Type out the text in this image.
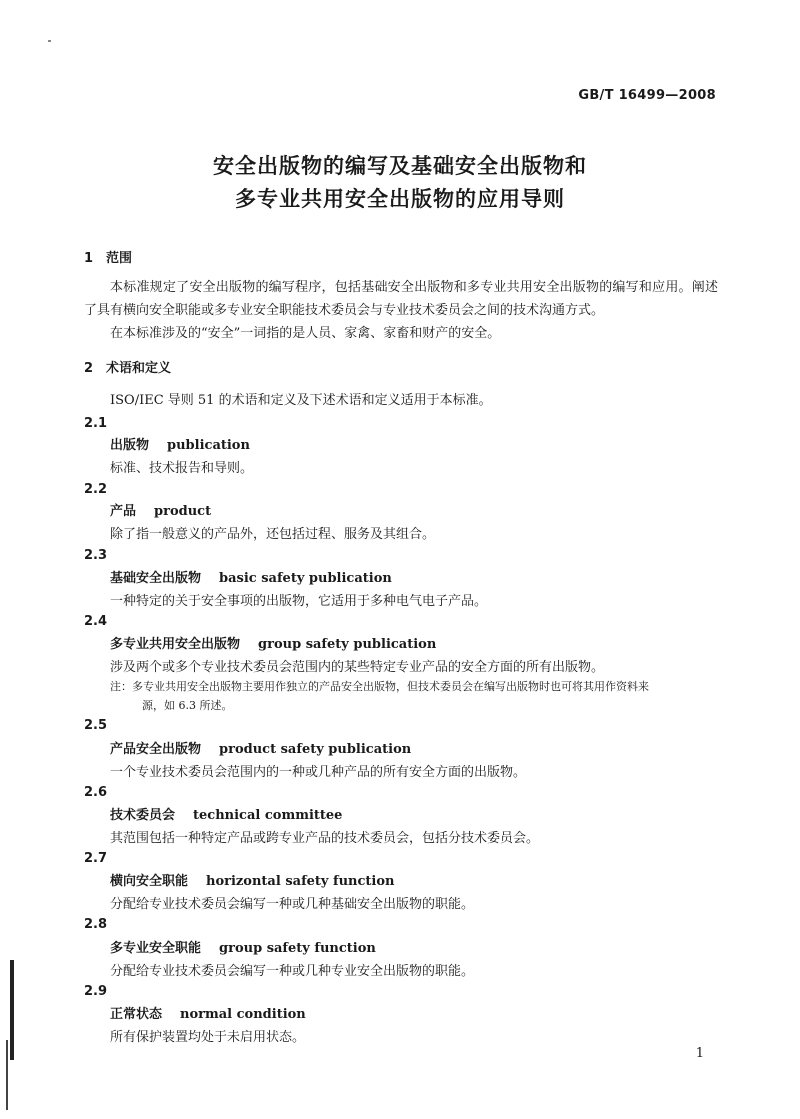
GB/T 16499—2008
安全出版物的编写及基础安全出版物和
多专业共用安全出版物的应用导则
1 范围
本标准规定了安全出版物的编写程序，包括基础安全出版物和多专业共用安全出版物的编写和应用。阐述了具有横向安全职能或多专业安全职能技术委员会与专业技术委员会之间的技术沟通方式。
在本标准涉及的“安全”一词指的是人员、家禽、家畜和财产的安全。
2 术语和定义
ISO/IEC 导则 51 的术语和定义及下述术语和定义适用于本标准。
2.1
出版物 publication
标准、技术报告和导则。
2.2
产品 product
除了指一般意义的产品外，还包括过程、服务及其组合。
2.3
基础安全出版物 basic safety publication
一种特定的关于安全事项的出版物，它适用于多种电气电子产品。
2.4
多专业共用安全出版物 group safety publication
涉及两个或多个专业技术委员会范围内的某些特定专业产品的安全方面的所有出版物。
注：多专业共用安全出版物主要用作独立的产品安全出版物，但技术委员会在编写出版物时也可将其用作资料来
源，如 6.3 所述。
2.5
产品安全出版物 product safety publication
一个专业技术委员会范围内的一种或几种产品的所有安全方面的出版物。
2.6
技术委员会 technical committee
其范围包括一种特定产品或跨专业产品的技术委员会，包括分技术委员会。
2.7
横向安全职能 horizontal safety function
分配给专业技术委员会编写一种或几种基础安全出版物的职能。
2.8
多专业安全职能 group safety function
分配给专业技术委员会编写一种或几种专业安全出版物的职能。
2.9
正常状态 normal condition
所有保护装置均处于未启用状态。
1
